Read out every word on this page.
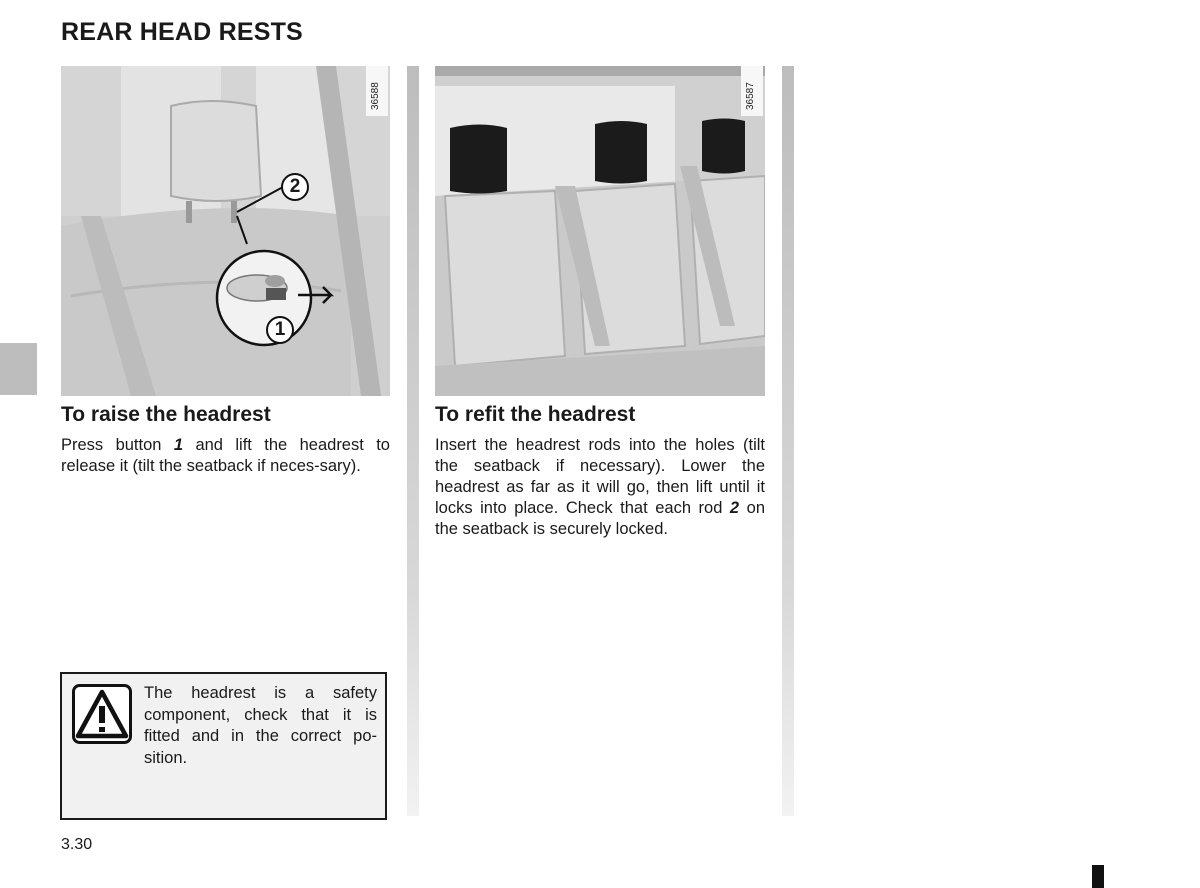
REAR HEAD RESTS
2
1
36588	36587
To raise the headrest
Press button 1 and lift the headrest to release it (tilt the seatback if neces-sary).
To refit the headrest
Insert the headrest rods into the holes (tilt the seatback if necessary). Lower the headrest as far as it will go, then lift until it locks into place. Check that each rod 2 on the seatback is securely locked.
The headrest is a safety component, check that it is fitted and in the correct po-sition.
3.30
